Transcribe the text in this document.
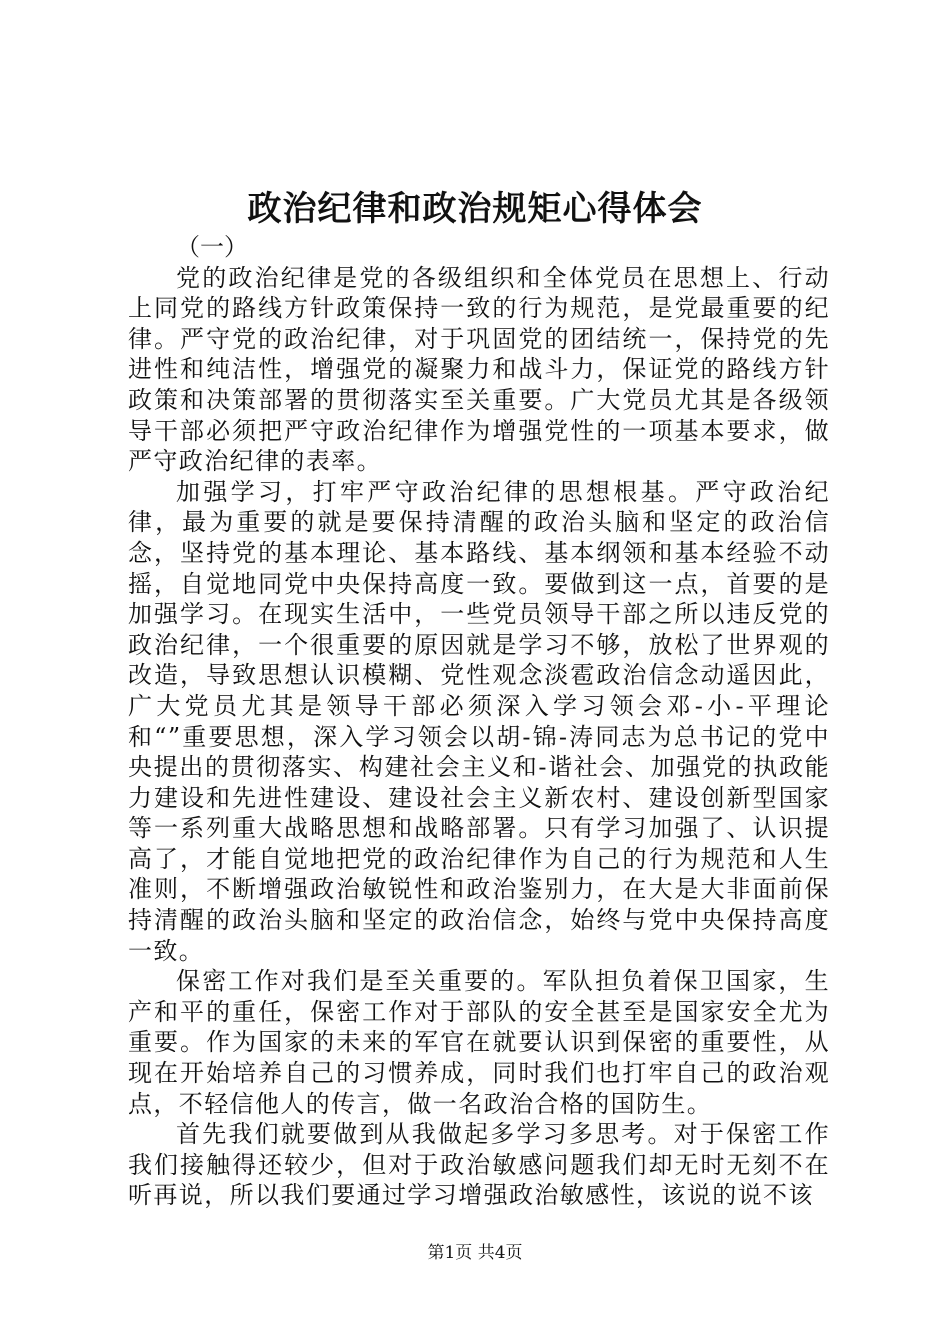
政治纪律和政治规矩心得体会

（一）

党的政治纪律是党的各级组织和全体党员在思想上、行动上同党的路线方针政策保持一致的行为规范，是党最重要的纪律。严守党的政治纪律，对于巩固党的团结统一，保持党的先进性和纯洁性，增强党的凝聚力和战斗力，保证党的路线方针政策和决策部署的贯彻落实至关重要。广大党员尤其是各级领导干部必须把严守政治纪律作为增强党性的一项基本要求，做严守政治纪律的表率。

加强学习，打牢严守政治纪律的思想根基。严守政治纪律，最为重要的就是要保持清醒的政治头脑和坚定的政治信念，坚持党的基本理论、基本路线、基本纲领和基本经验不动摇，自觉地同党中央保持高度一致。要做到这一点，首要的是加强学习。在现实生活中，一些党员领导干部之所以违反党的政治纪律，一个很重要的原因就是学习不够，放松了世界观的改造，导致思想认识模糊、党性观念淡雹政治信念动遥因此，广大党员尤其是领导干部必须深入学习领会邓-小-平理论和“”重要思想，深入学习领会以胡-锦-涛同志为总书记的党中央提出的贯彻落实、构建社会主义和-谐社会、加强党的执政能力建设和先进性建设、建设社会主义新农村、建设创新型国家等一系列重大战略思想和战略部署。只有学习加强了、认识提高了，才能自觉地把党的政治纪律作为自己的行为规范和人生准则，不断增强政治敏锐性和政治鉴别力，在大是大非面前保持清醒的政治头脑和坚定的政治信念，始终与党中央保持高度一致。

保密工作对我们是至关重要的。军队担负着保卫国家，生产和平的重任，保密工作对于部队的安全甚至是国家安全尤为重要。作为国家的未来的军官在就要认识到保密的重要性，从现在开始培养自己的习惯养成，同时我们也打牢自己的政治观点，不轻信他人的传言，做一名政治合格的国防生。

首先我们就要做到从我做起多学习多思考。对于保密工作我们接触得还较少，但对于政治敏感问题我们却无时无刻不在听再说，所以我们要通过学习增强政治敏感性，该说的说不该

第1页 共4页
